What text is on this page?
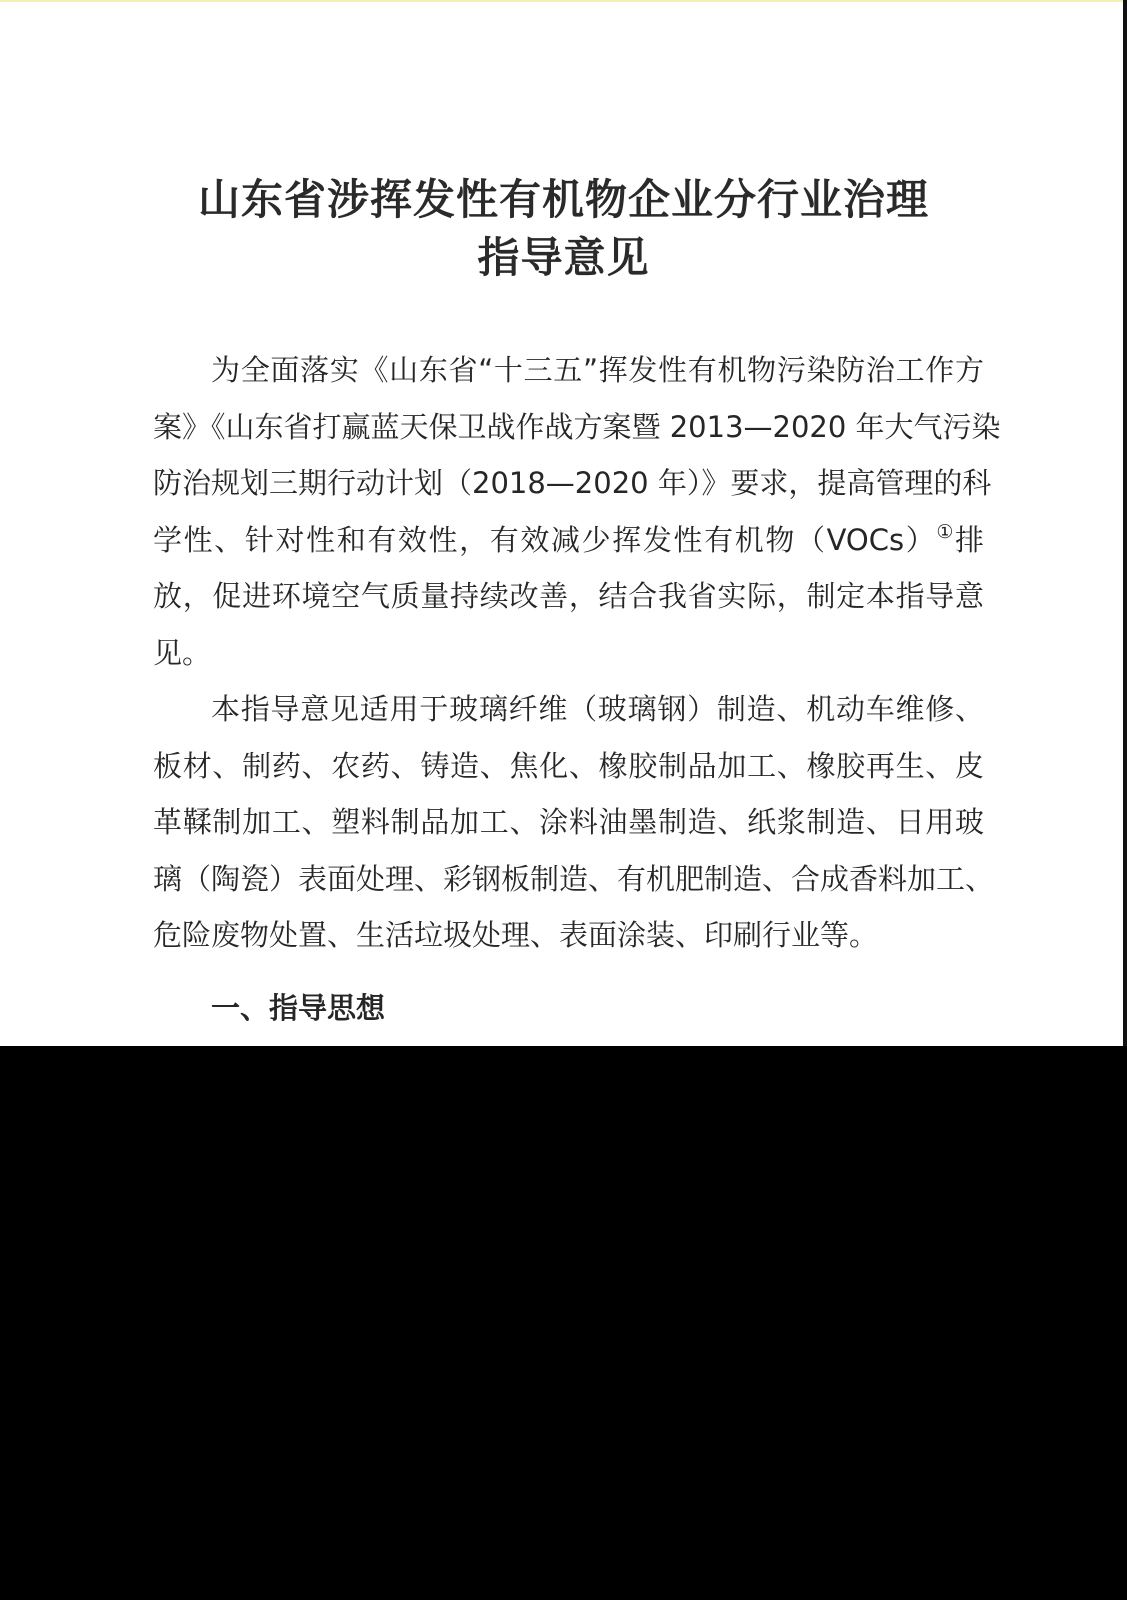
山东省涉挥发性有机物企业分行业治理
指导意见
为全面落实《山东省“十三五”挥发性有机物污染防治工作方
案》《山东省打赢蓝天保卫战作战方案暨 2013—2020 年大气污染
防治规划三期行动计划（2018—2020 年）》要求，提高管理的科
学性、针对性和有效性，有效减少挥发性有机物（VOCs）①排
放，促进环境空气质量持续改善，结合我省实际，制定本指导意
见。
本指导意见适用于玻璃纤维（玻璃钢）制造、机动车维修、
板材、制药、农药、铸造、焦化、橡胶制品加工、橡胶再生、皮
革鞣制加工、塑料制品加工、涂料油墨制造、纸浆制造、日用玻
璃（陶瓷）表面处理、彩钢板制造、有机肥制造、合成香料加工、
危险废物处置、生活垃圾处理、表面涂装、印刷行业等。
一、指导思想
